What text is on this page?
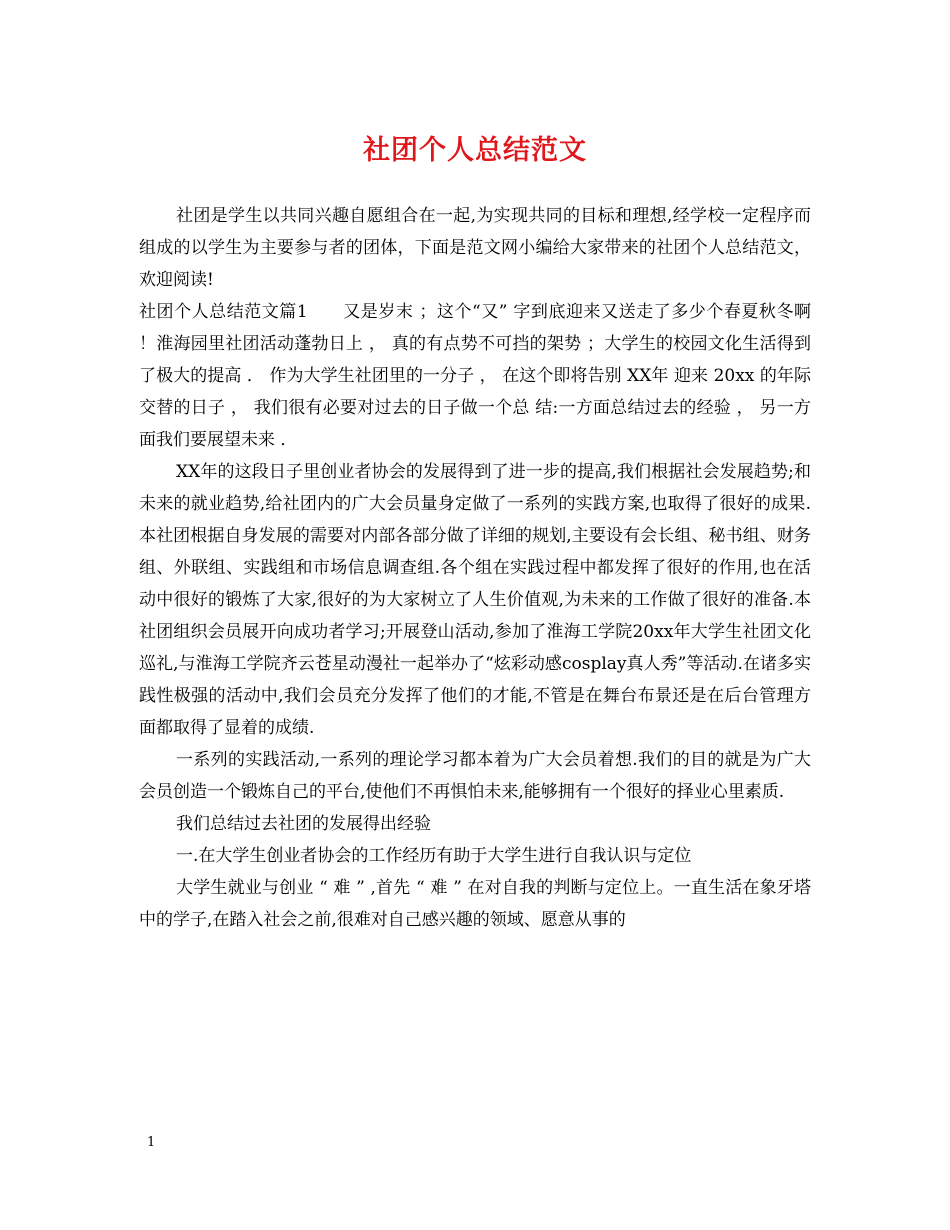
社团个人总结范文

社团是学生以共同兴趣自愿组合在一起,为实现共同的目标和理想,经学校一定程序而组成的以学生为主要参与者的团体，下面是范文网小编给大家带来的社团个人总结范文，欢迎阅读!

社团个人总结范文篇1　　又是岁末 ；这个“又” 字到底迎来又送走了多少个春夏秋冬啊 ！淮海园里社团活动蓬勃日上 ， 真的有点势不可挡的架势 ；大学生的校园文化生活得到了极大的提高 ． 作为大学生社团里的一分子 ， 在这个即将告别 XX年 迎来 20xx 的年际交替的日子 ， 我们很有必要对过去的日子做一个总 结:一方面总结过去的经验 ， 另一方面我们要展望未来 ．

XX年的这段日子里创业者协会的发展得到了进一步的提高,我们根据社会发展趋势;和未来的就业趋势,给社团内的广大会员量身定做了一系列的实践方案,也取得了很好的成果.本社团根据自身发展的需要对内部各部分做了详细的规划,主要设有会长组、秘书组、财务组、外联组、实践组和市场信息调查组.各个组在实践过程中都发挥了很好的作用,也在活动中很好的锻炼了大家,很好的为大家树立了人生价值观,为未来的工作做了很好的准备.本社团组织会员展开向成功者学习;开展登山活动,参加了淮海工学院20xx年大学生社团文化巡礼,与淮海工学院齐云苍星动漫社一起举办了“炫彩动感cosplay真人秀”等活动.在诸多实践性极强的活动中,我们会员充分发挥了他们的才能,不管是在舞台布景还是在后台管理方面都取得了显着的成绩.

一系列的实践活动,一系列的理论学习都本着为广大会员着想.我们的目的就是为广大会员创造一个锻炼自己的平台,使他们不再惧怕未来,能够拥有一个很好的择业心里素质.

我们总结过去社团的发展得出经验

一.在大学生创业者协会的工作经历有助于大学生进行自我认识与定位

大学生就业与创业 “ 难 ” ,首先 “ 难 ” 在对自我的判断与定位上。一直生活在象牙塔中的学子,在踏入社会之前,很难对自己感兴趣的领域、愿意从事的

1
